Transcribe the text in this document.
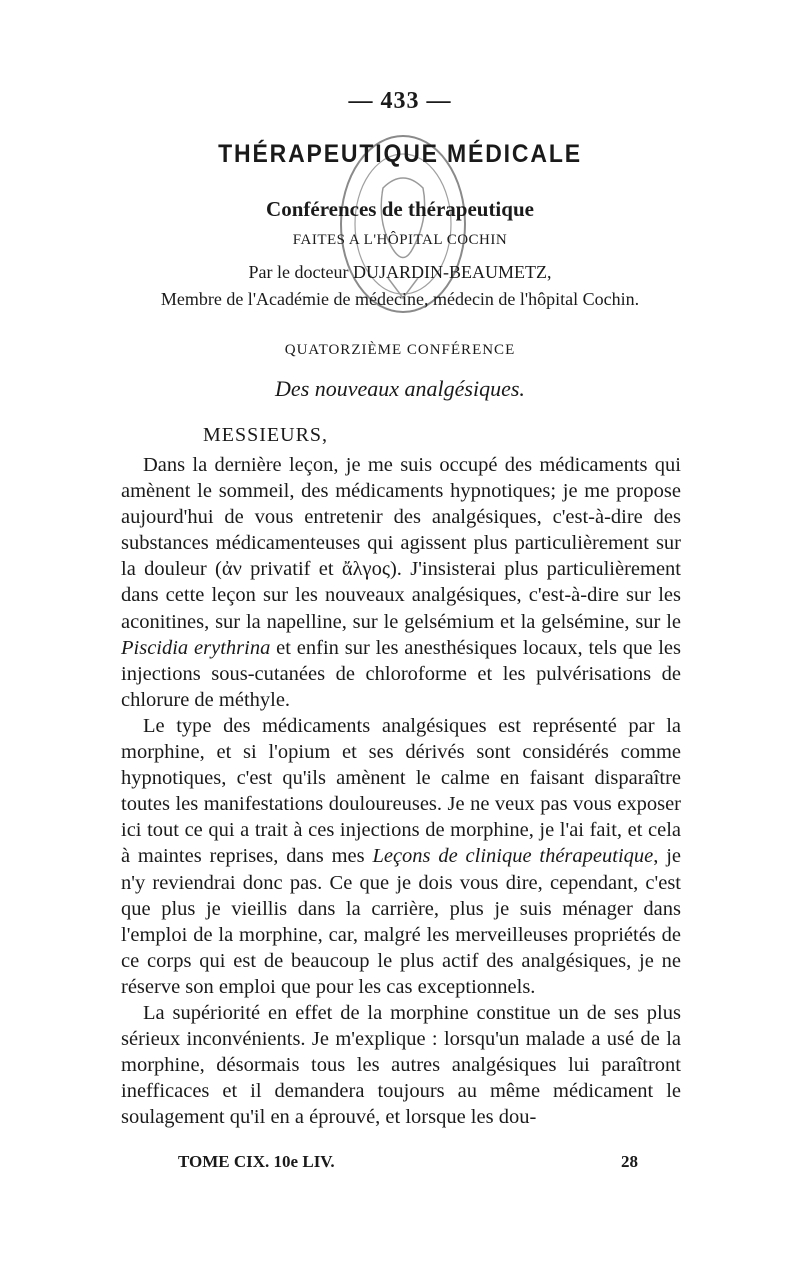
— 433 —
THÉRAPEUTIQUE MÉDICALE
Conférences de thérapeutique
FAITES A L'HÔPITAL COCHIN
Par le docteur DUJARDIN-BEAUMETZ,
Membre de l'Académie de médecine, médecin de l'hôpital Cochin.
QUATORZIÈME CONFÉRENCE
Des nouveaux analgésiques.
MESSIEURS,

Dans la dernière leçon, je me suis occupé des médicaments qui amènent le sommeil, des médicaments hypnotiques; je me propose aujourd'hui de vous entretenir des analgésiques, c'est-à-dire des substances médicamenteuses qui agissent plus particulièrement sur la douleur (ἀν privatif et ἄλγος). J'insisterai plus particulièrement dans cette leçon sur les nouveaux analgésiques, c'est-à-dire sur les aconitines, sur la napelline, sur le gelsémium et la gelsémine, sur le Piscidia erythrina et enfin sur les anesthésiques locaux, tels que les injections sous-cutanées de chloroforme et les pulvérisations de chlorure de méthyle.

Le type des médicaments analgésiques est représenté par la morphine, et si l'opium et ses dérivés sont considérés comme hypnotiques, c'est qu'ils amènent le calme en faisant disparaître toutes les manifestations douloureuses. Je ne veux pas vous exposer ici tout ce qui a trait à ces injections de morphine, je l'ai fait, et cela à maintes reprises, dans mes Leçons de clinique thérapeutique, je n'y reviendrai donc pas. Ce que je dois vous dire, cependant, c'est que plus je vieillis dans la carrière, plus je suis ménager dans l'emploi de la morphine, car, malgré les merveilleuses propriétés de ce corps qui est de beaucoup le plus actif des analgésiques, je ne réserve son emploi que pour les cas exceptionnels.

La supériorité en effet de la morphine constitue un de ses plus sérieux inconvénients. Je m'explique : lorsqu'un malade a usé de la morphine, désormais tous les autres analgésiques lui paraîtront inefficaces et il demandera toujours au même médicament le soulagement qu'il en a éprouvé, et lorsque les dou-

TOME CIX. 10e LIV.	28
